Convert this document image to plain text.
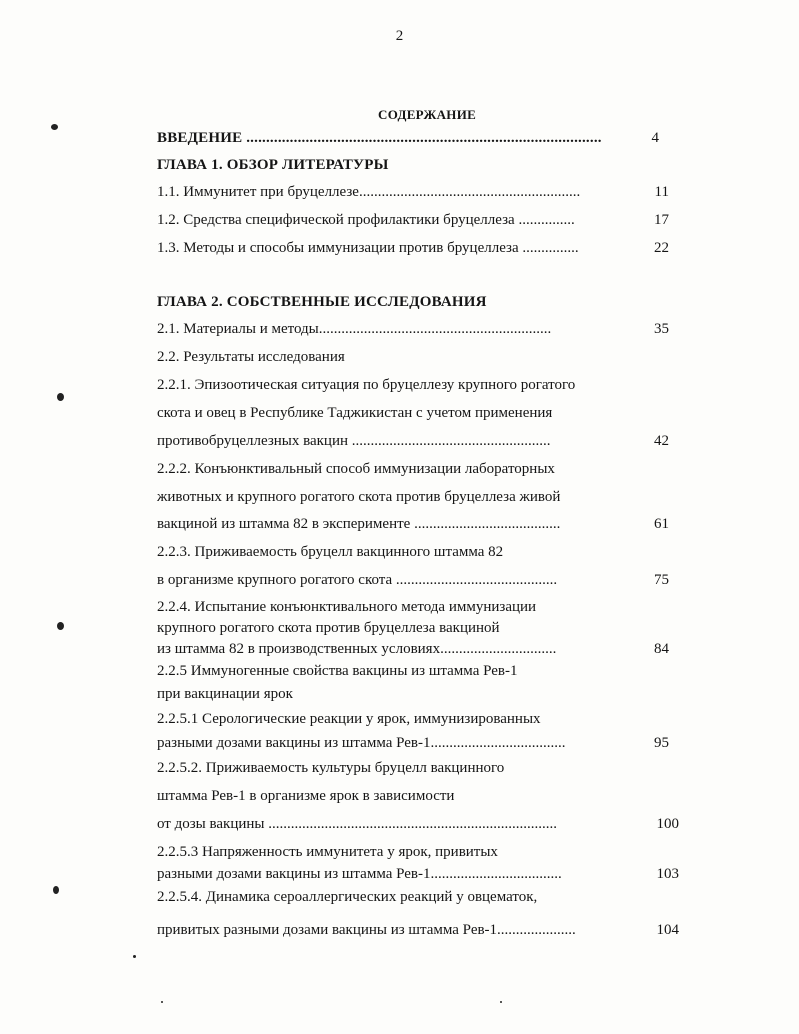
2
СОДЕРЖАНИЕ
ВВЕДЕНИЕ ..........................................................................................	4
ГЛАВА 1. ОБЗОР ЛИТЕРАТУРЫ
1.1. Иммунитет при бруцеллезе...........................................................	11
1.2. Средства специфической профилактики бруцеллеза ...............	17
1.3. Методы и способы иммунизации против бруцеллеза ...............	22
ГЛАВА 2. СОБСТВЕННЫЕ ИССЛЕДОВАНИЯ
2.1. Материалы и методы..............................................................	35
2.2. Результаты исследования
2.2.1. Эпизоотическая ситуация по бруцеллезу крупного рогатого
скота и овец в Республике Таджикистан с учетом применения
противобруцеллезных вакцин .....................................................	42
2.2.2. Конъюнктивальный способ иммунизации лабораторных
животных и крупного рогатого скота против бруцеллеза живой
вакциной из штамма 82 в эксперименте .......................................	61
2.2.3. Приживаемость бруцелл вакцинного штамма 82
в организме крупного рогатого скота ...........................................	75
2.2.4. Испытание конъюнктивального метода иммунизации
крупного рогатого скота против бруцеллеза вакциной
из штамма 82 в производственных условиях...............................	84
2.2.5 Иммуногенные свойства вакцины из штамма Рев-1
при вакцинации ярок
2.2.5.1 Серологические реакции у ярок, иммунизированных
разными дозами вакцины из штамма Рев-1....................................	95
2.2.5.2. Приживаемость культуры бруцелл вакцинного
штамма Рев-1 в организме ярок в зависимости
от дозы вакцины .............................................................................	100
2.2.5.3 Напряженность иммунитета у ярок, привитых
разными дозами вакцины из штамма Рев-1...................................	103
2.2.5.4. Динамика сероаллергических реакций у овцематок,
привитых разными дозами вакцины из штамма Рев-1.....................	104
